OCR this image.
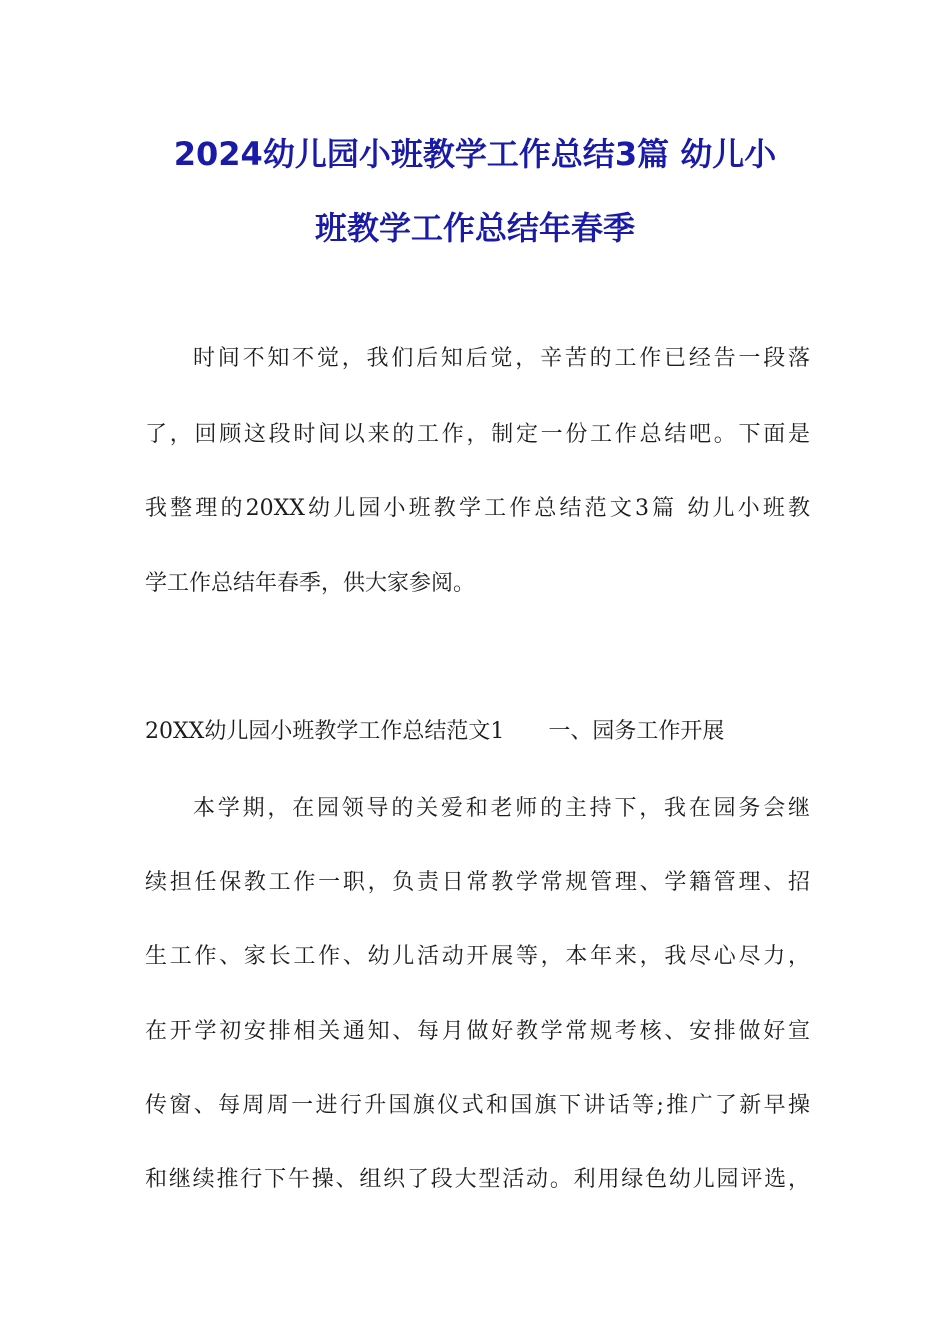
2024幼儿园小班教学工作总结3篇 幼儿小
班教学工作总结年春季
时间不知不觉，我们后知后觉，辛苦的工作已经告一段落
了，回顾这段时间以来的工作，制定一份工作总结吧。下面是
我整理的20XX幼儿园小班教学工作总结范文3篇 幼儿小班教
学工作总结年春季，供大家参阅。
20XX幼儿园小班教学工作总结范文1　　一、园务工作开展
本学期，在园领导的关爱和老师的主持下，我在园务会继
续担任保教工作一职，负责日常教学常规管理、学籍管理、招
生工作、家长工作、幼儿活动开展等，本年来，我尽心尽力，
在开学初安排相关通知、每月做好教学常规考核、安排做好宣
传窗、每周周一进行升国旗仪式和国旗下讲话等;推广了新早操
和继续推行下午操、组织了段大型活动。利用绿色幼儿园评选，
